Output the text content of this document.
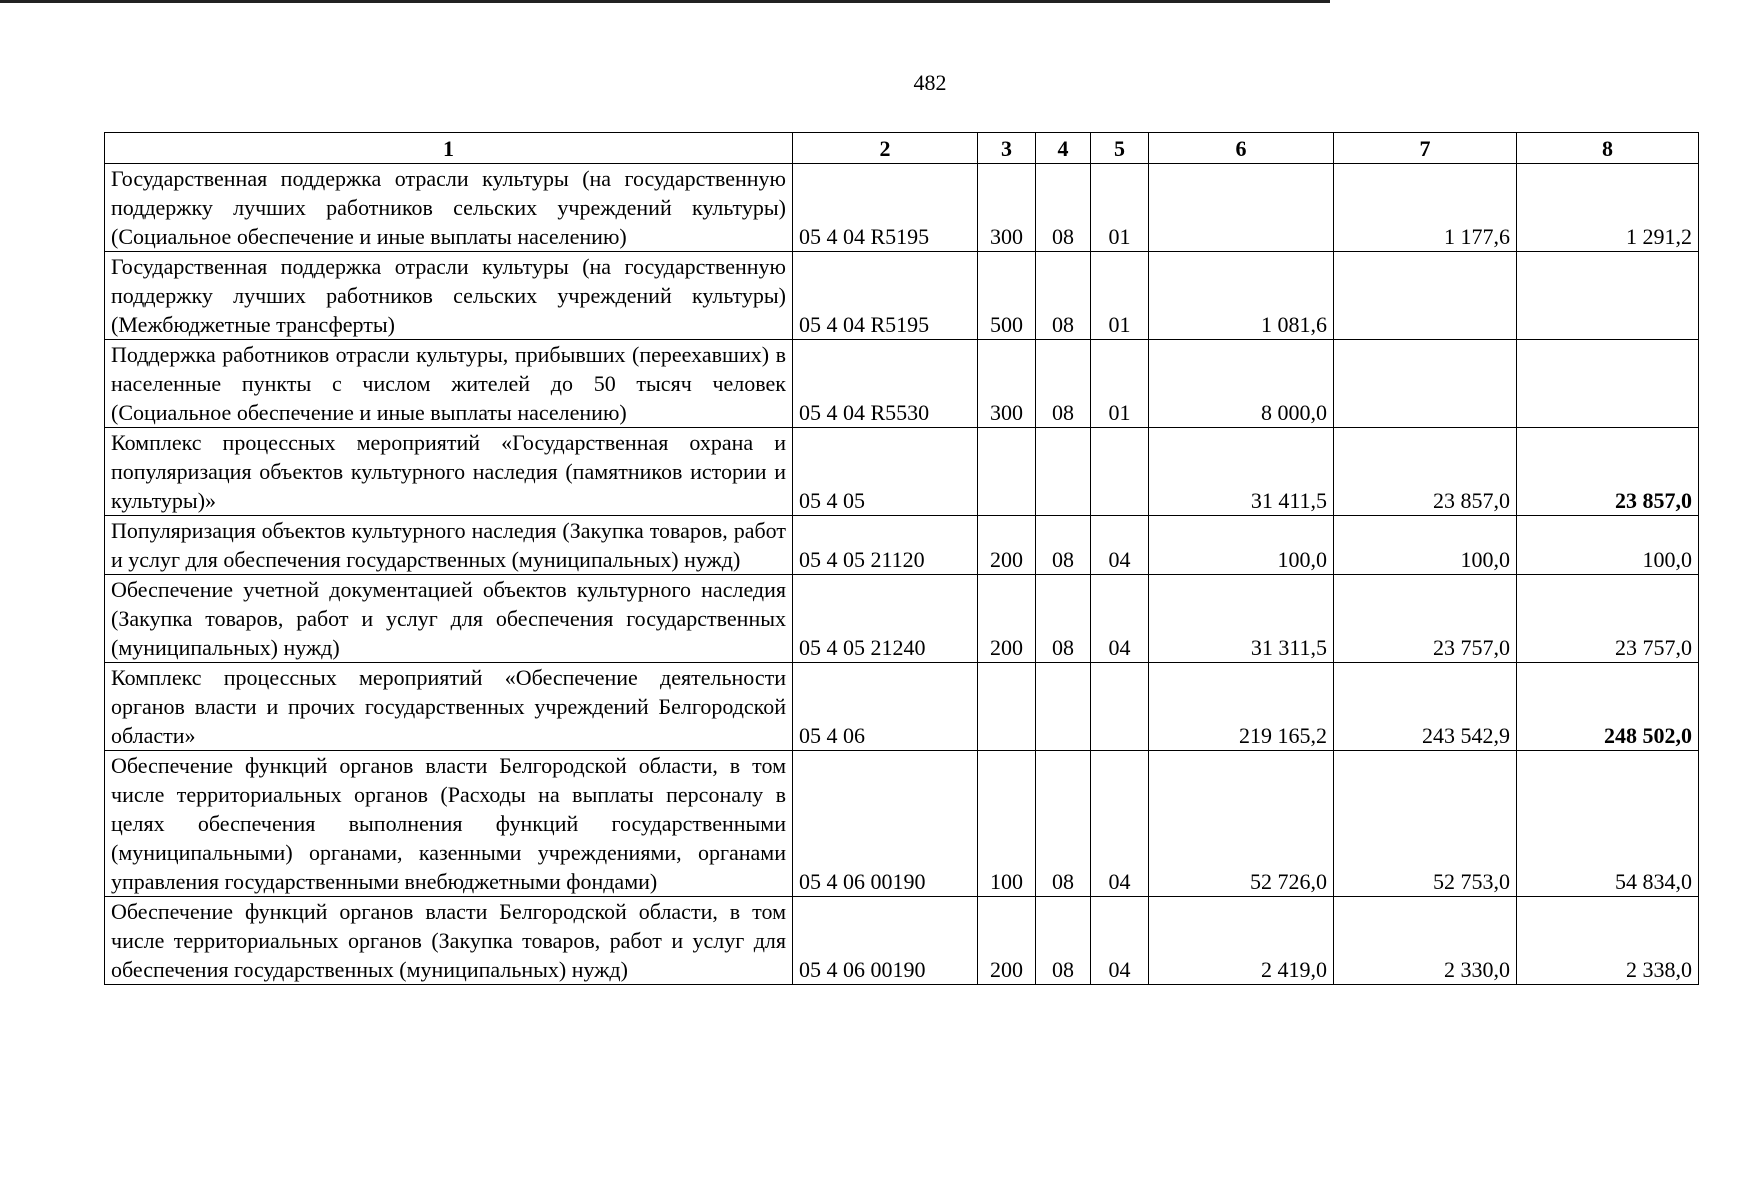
482
1	2	3	4	5	6	7	8
Государственная поддержка отрасли культуры (на государственную поддержку лучших работников сельских учреждений культуры) (Социальное обеспечение и иные выплаты населению)	05 4 04 R5195	300	08	01		1 177,6	1 291,2
Государственная поддержка отрасли культуры (на государственную поддержку лучших работников сельских учреждений культуры) (Межбюджетные трансферты)	05 4 04 R5195	500	08	01	1 081,6		
Поддержка работников отрасли культуры, прибывших (переехавших) в населенные пункты с числом жителей до 50 тысяч человек (Социальное обеспечение и иные выплаты населению)	05 4 04 R5530	300	08	01	8 000,0		
Комплекс процессных мероприятий «Государственная охрана и популяризация объектов культурного наследия (памятников истории и культуры)»	05 4 05				31 411,5	23 857,0	23 857,0
Популяризация объектов культурного наследия (Закупка товаров, работ и услуг для обеспечения государственных (муниципальных) нужд)	05 4 05 21120	200	08	04	100,0	100,0	100,0
Обеспечение учетной документацией объектов культурного наследия (Закупка товаров, работ и услуг для обеспечения государственных (муниципальных) нужд)	05 4 05 21240	200	08	04	31 311,5	23 757,0	23 757,0
Комплекс процессных мероприятий «Обеспечение деятельности органов власти и прочих государственных учреждений Белгородской области»	05 4 06				219 165,2	243 542,9	248 502,0
Обеспечение функций органов власти Белгородской области, в том числе территориальных органов (Расходы на выплаты персоналу в целях обеспечения выполнения функций государственными (муниципальными) органами, казенными учреждениями, органами управления государственными внебюджетными фондами)	05 4 06 00190	100	08	04	52 726,0	52 753,0	54 834,0
Обеспечение функций органов власти Белгородской области, в том числе территориальных органов (Закупка товаров, работ и услуг для обеспечения государственных (муниципальных) нужд)	05 4 06 00190	200	08	04	2 419,0	2 330,0	2 338,0
